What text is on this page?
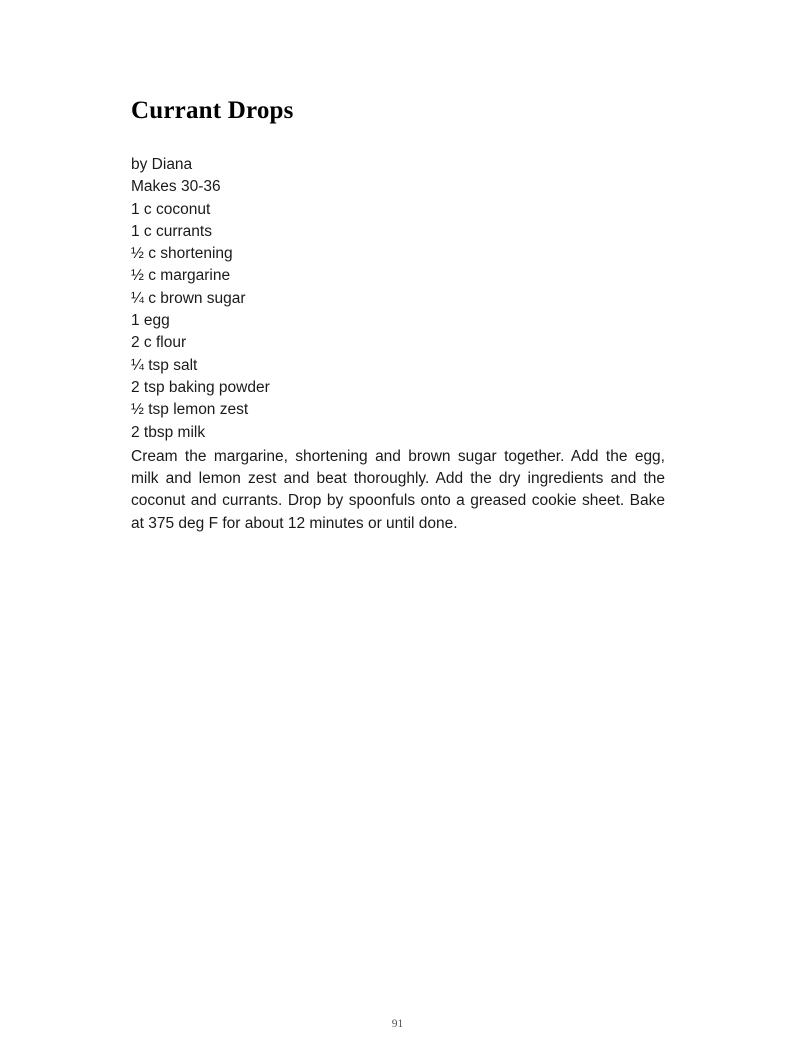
Currant Drops
by Diana
Makes 30-36
1 c coconut
1 c currants
½ c shortening
½ c margarine
¼ c brown sugar
1 egg
2 c flour
¼ tsp salt
2 tsp baking powder
½ tsp lemon zest
2 tbsp milk

Cream the margarine, shortening and brown sugar together. Add the egg, milk and lemon zest and beat thoroughly. Add the dry ingredients and the coconut and currants. Drop by spoonfuls onto a greased cookie sheet. Bake at 375 deg F for about 12 minutes or until done.

91
